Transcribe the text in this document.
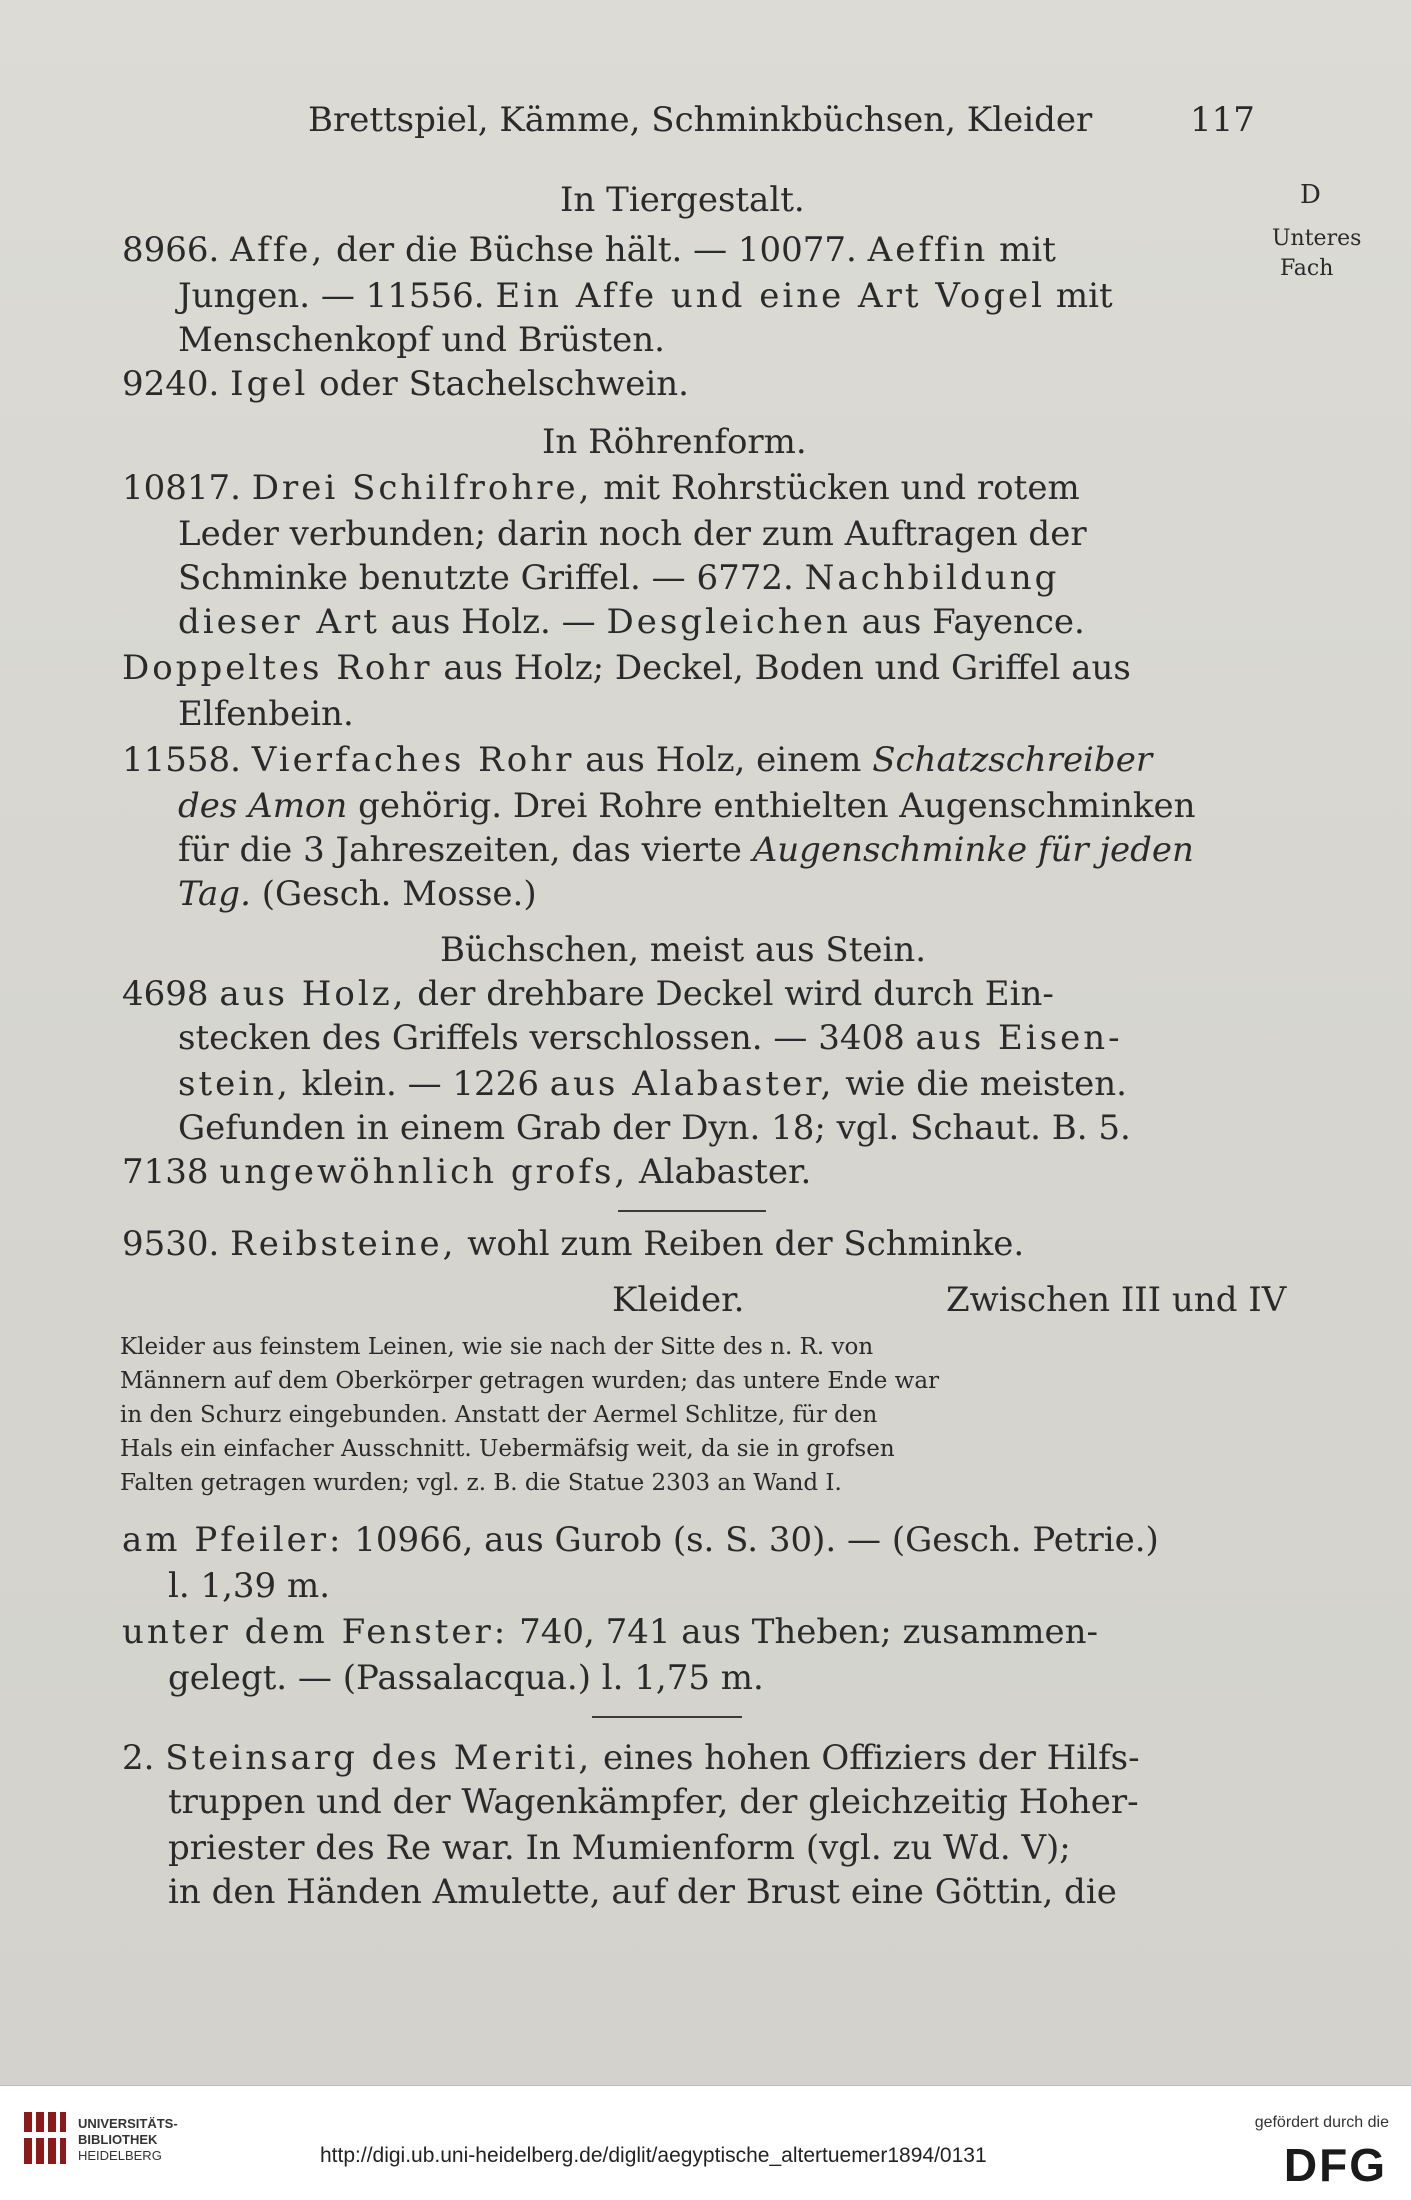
Brettspiel, Kämme, Schminkbüchsen, Kleider	117
D
Unteres
Fach
In Tiergestalt.
8966. Affe, der die Büchse hält. — 10077. Aeffin mit
Jungen. — 11556. Ein Affe und eine Art Vogel mit
Menschenkopf und Brüsten.
9240. Igel oder Stachelschwein.
In Röhrenform.
10817. Drei Schilfrohre, mit Rohrstücken und rotem
Leder verbunden; darin noch der zum Auftragen der
Schminke benutzte Griffel. — 6772. Nachbildung
dieser Art aus Holz. — Desgleichen aus Fayence.
Doppeltes Rohr aus Holz; Deckel, Boden und Griffel aus
Elfenbein.
11558. Vierfaches Rohr aus Holz, einem Schatzschreiber
des Amon gehörig. Drei Rohre enthielten Augenschminken
für die 3 Jahreszeiten, das vierte Augenschminke für jeden
Tag. (Gesch. Mosse.)
Büchschen, meist aus Stein.
4698 aus Holz, der drehbare Deckel wird durch Ein-
stecken des Griffels verschlossen. — 3408 aus Eisen-
stein, klein. — 1226 aus Alabaster, wie die meisten.
Gefunden in einem Grab der Dyn. 18; vgl. Schaut. B. 5.
7138 ungewöhnlich grofs, Alabaster.
9530. Reibsteine, wohl zum Reiben der Schminke.
Kleider.	Zwischen III und IV
Kleider aus feinstem Leinen, wie sie nach der Sitte des n. R. von
Männern auf dem Oberkörper getragen wurden; das untere Ende war
in den Schurz eingebunden. Anstatt der Aermel Schlitze, für den
Hals ein einfacher Ausschnitt. Uebermäfsig weit, da sie in grofsen
Falten getragen wurden; vgl. z. B. die Statue 2303 an Wand I.
am Pfeiler: 10966, aus Gurob (s. S. 30). — (Gesch. Petrie.)
l. 1,39 m.
unter dem Fenster: 740, 741 aus Theben; zusammen-
gelegt. — (Passalacqua.) l. 1,75 m.
2. Steinsarg des Meriti, eines hohen Offiziers der Hilfs-
truppen und der Wagenkämpfer, der gleichzeitig Hoher-
priester des Re war. In Mumienform (vgl. zu Wd. V);
in den Händen Amulette, auf der Brust eine Göttin, die
UNIVERSITÄTS-
BIBLIOTHEK
HEIDELBERG	http://digi.ub.uni-heidelberg.de/diglit/aegyptische_altertuemer1894/0131
gefördert durch die
DFG
